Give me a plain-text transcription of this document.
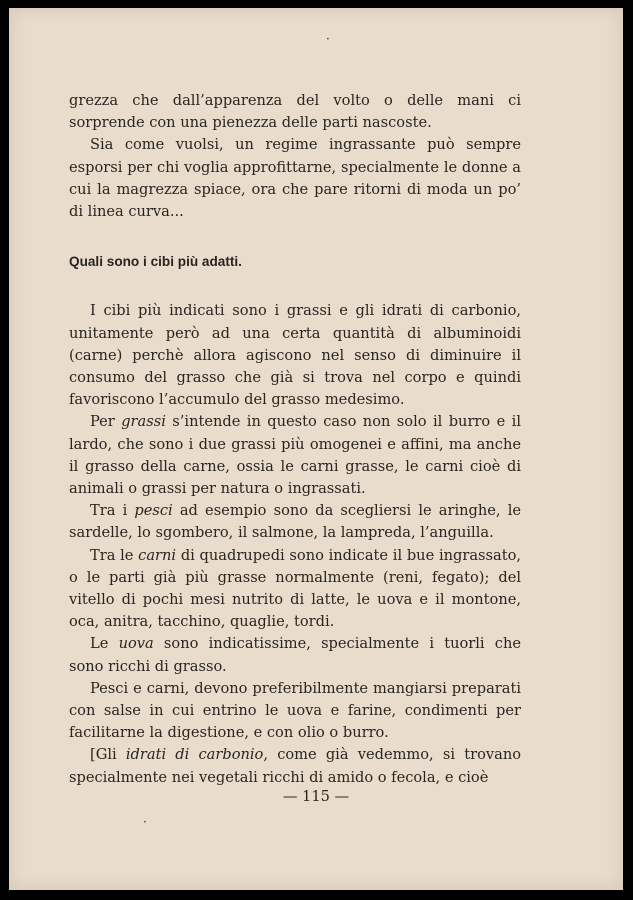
grezza che dall’apparenza del volto o delle mani ci sorprende con una pienezza delle parti nascoste.

Sia come vuolsi, un regime ingrassante può sempre esporsi per chi voglia approfittarne, specialmente le donne a cui la magrezza spiace, ora che pare ritorni di moda un po’ di linea curva...

Quali sono i cibi più adatti.

I cibi più indicati sono i grassi e gli idrati di carbonio, unitamente però ad una certa quantità di albuminoidi (carne) perchè allora agiscono nel senso di diminuire il consumo del grasso che già si trova nel corpo e quindi favoriscono l’accumulo del grasso medesimo.

Per grassi s’intende in questo caso non solo il burro e il lardo, che sono i due grassi più omogenei e affini, ma anche il grasso della carne, ossia le carni grasse, le carni cioè di animali o grassi per natura o ingrassati.

Tra i pesci ad esempio sono da scegliersi le aringhe, le sardelle, lo sgombero, il salmone, la lampreda, l’anguilla.

Tra le carni di quadrupedi sono indicate il bue ingrassato, o le parti già più grasse normalmente (reni, fegato); del vitello di pochi mesi nutrito di latte, le uova e il montone, oca, anitra, tacchino, quaglie, tordi.

Le uova sono indicatissime, specialmente i tuorli che sono ricchi di grasso.

Pesci e carni, devono preferibilmente mangiarsi preparati con salse in cui entrino le uova e farine, condimenti per facilitarne la digestione, e con olio o burro.

[Gli idrati di carbonio, come già vedemmo, si trovano specialmente nei vegetali ricchi di amido o fecola, e cioè

— 115 —
·
·
